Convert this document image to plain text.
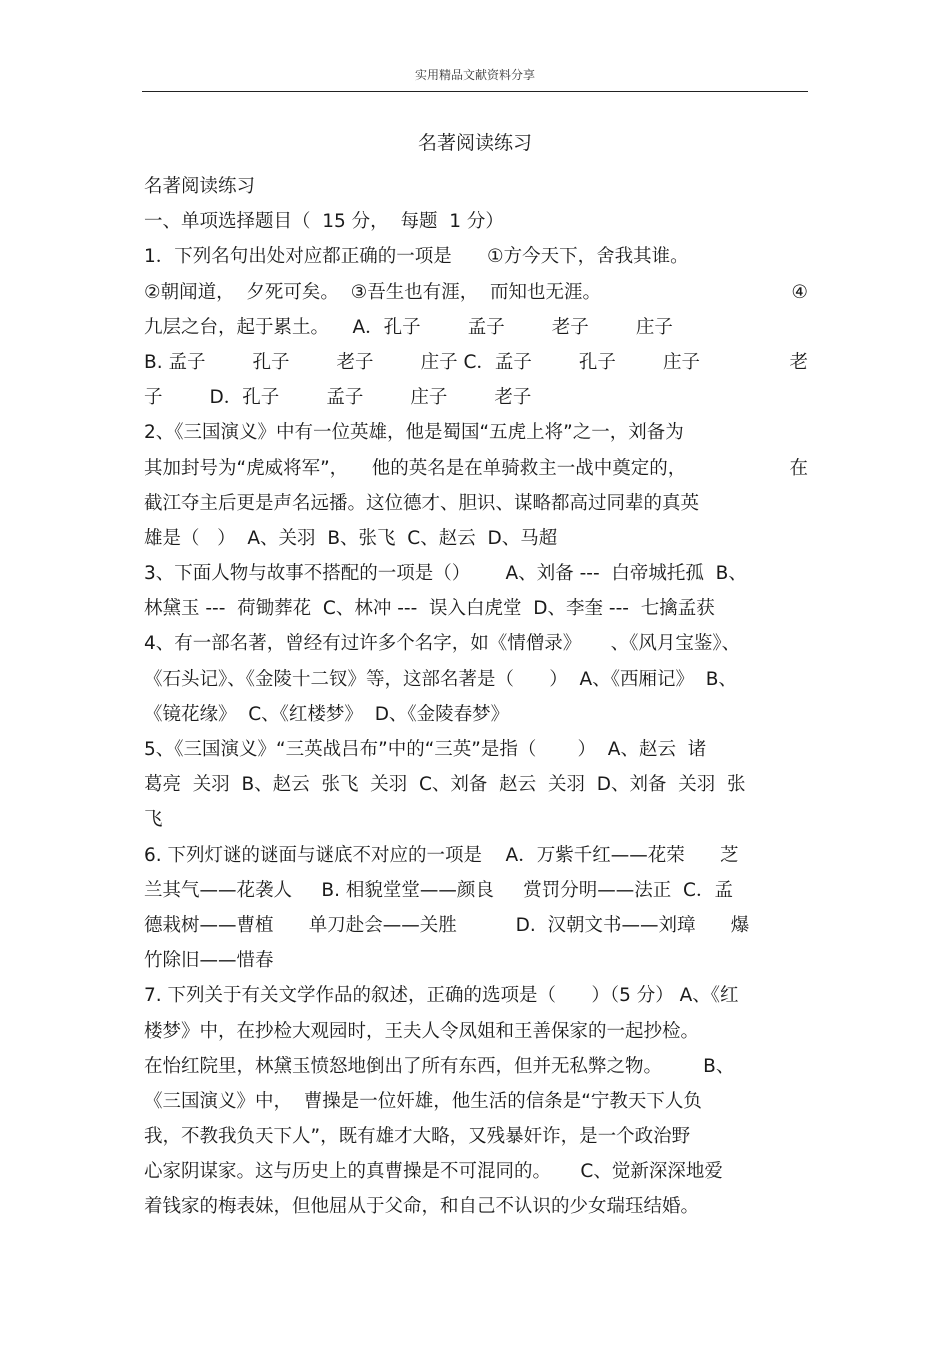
实用精品文献资料分享
名著阅读练习
名著阅读练习
一、单项选择题目（  15 分，  每题  1 分）
1．下列名句出处对应都正确的一项是      ①方今天下，舍我其谁。
②朝闻道，  夕死可矣。  ③吾生也有涯，  而知也无涯。	④
九层之台，起于累土。    A．孔子        孟子        老子        庄子
B. 孟子        孔子        老子        庄子 C．孟子        孔子        庄子	老
子        D．孔子        孟子        庄子        老子
2、《三国演义》中有一位英雄，他是蜀国“五虎上将”之一，刘备为
其加封号为“虎威将军”，    他的英名是在单骑救主一战中奠定的，	在
截江夺主后更是声名远播。这位德才、胆识、谋略都高过同辈的真英
雄是（   ）  A、关羽  B、张飞  C、赵云  D、马超
3、下面人物与故事不搭配的一项是（）      A、刘备 ---  白帝城托孤  B、
林黛玉 ---  荷锄葬花  C、林冲 ---  误入白虎堂  D、李奎 ---  七擒孟获
4、有一部名著，曾经有过许多个名字，如《情僧录》     、《风月宝鉴》、
《石头记》、《金陵十二钗》等，这部名著是（      ）  A、《西厢记》  B、
《镜花缘》  C、《红楼梦》  D、《金陵春梦》
5、《三国演义》“三英战吕布”中的“三英”是指（       ）  A、赵云  诸
葛亮  关羽  B、赵云  张飞  关羽  C、刘备  赵云  关羽  D、刘备  关羽  张
飞
6. 下列灯谜的谜面与谜底不对应的一项是    A．万紫千红——花荣      芝
兰其气——花袭人     B. 相貌堂堂——颜良     赏罚分明——法正  C．孟
德栽树——曹植      单刀赴会——关胜          D.  汉朝文书——刘璋      爆
竹除旧——惜春
7. 下列关于有关文学作品的叙述，正确的选项是（      ）（5 分） A、《红
楼梦》中，在抄检大观园时，王夫人令凤姐和王善保家的一起抄检。
在怡红院里，林黛玉愤怒地倒出了所有东西，但并无私弊之物。       B、
《三国演义》中，  曹操是一位奸雄，他生活的信条是“宁教天下人负
我，不教我负天下人”，既有雄才大略，又残暴奸诈，是一个政治野
心家阴谋家。这与历史上的真曹操是不可混同的。     C、觉新深深地爱
着钱家的梅表妹，但他屈从于父命，和自己不认识的少女瑞珏结婚。
